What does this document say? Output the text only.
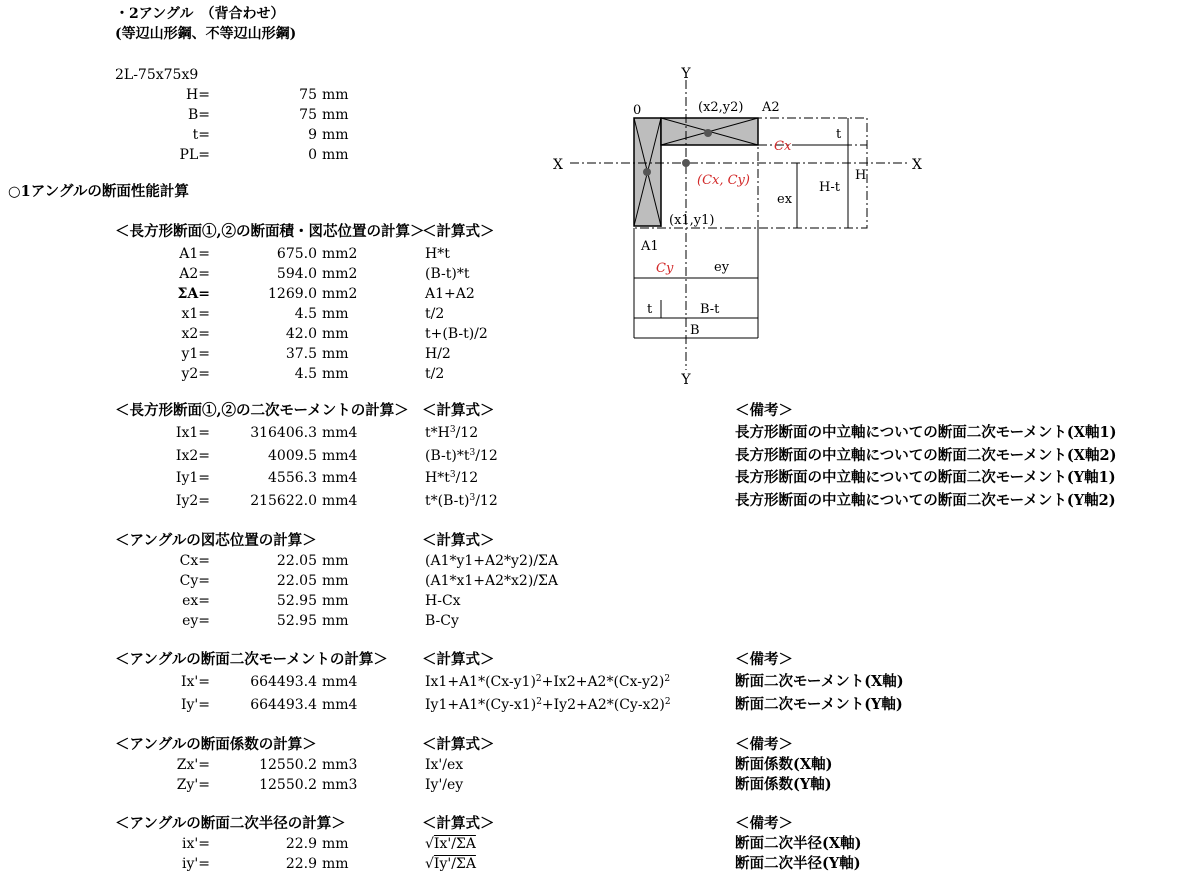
・2アングル　（背合わせ）
(等辺山形鋼、不等辺山形鋼)
2L-75x75x9
H=	75 mm
B=	75 mm
t=	9 mm
PL=	0 mm
○1アングルの断面性能計算
＜長方形断面①,②の断面積・図芯位置の計算＞
＜計算式＞
A1=	675.0 mm2	H*t
A2=	594.0 mm2	(B-t)*t
ΣA=	1269.0 mm2	A1+A2
x1=	4.5 mm	t/2
x2=	42.0 mm	t+(B-t)/2
y1=	37.5 mm	H/2
y2=	4.5 mm	t/2
＜長方形断面①,②の二次モーメントの計算＞ ＜計算式＞	＜備考＞
Ix1=	316406.3 mm4	$t*H^3/12$	長方形断面の中立軸についての断面二次モーメント(X軸1)
Ix2=	4009.5 mm4	$(B-t)*t^3/12$	長方形断面の中立軸についての断面二次モーメント(X軸2)
Iy1=	4556.3 mm4	$H*t^3/12$	長方形断面の中立軸についての断面二次モーメント(Y軸1)
Iy2=	215622.0 mm4	$t*(B-t)^3/12$	長方形断面の中立軸についての断面二次モーメント(Y軸2)
＜アングルの図芯位置の計算＞	＜計算式＞
Cx=	22.05 mm	(A1*y1+A2*y2)/ΣA
Cy=	22.05 mm	(A1*x1+A2*x2)/ΣA
ex=	52.95 mm	H-Cx
ey=	52.95 mm	B-Cy
＜アングルの断面二次モーメントの計算＞ ＜計算式＞	＜備考＞
Ix'=	664493.4 mm4	$Ix1+A1*(Cx-y1)^2+Ix2+A2*(Cx-y2)^2$	断面二次モーメント(X軸)
Iy'=	664493.4 mm4	$Iy1+A1*(Cy-x1)^2+Iy2+A2*(Cy-x2)^2$	断面二次モーメント(Y軸)
＜アングルの断面係数の計算＞	＜計算式＞	＜備考＞
Zx'=	12550.2 mm3	Ix'/ex	断面係数(X軸)
Zy'=	12550.2 mm3	Iy'/ey	断面係数(Y軸)
＜アングルの断面二次半径の計算＞	＜計算式＞	＜備考＞
ix'=	22.9 mm	√Ix'/ΣA	断面二次半径(X軸)
iy'=	22.9 mm	√Iy'/ΣA	断面二次半径(Y軸)
Y
Y
X	X
0	(x2,y2) A2
(x1,y1)
A1
Cx
(Cx, Cy)
t
H-t
H
ex
Cy	ey
t	B-t
B
